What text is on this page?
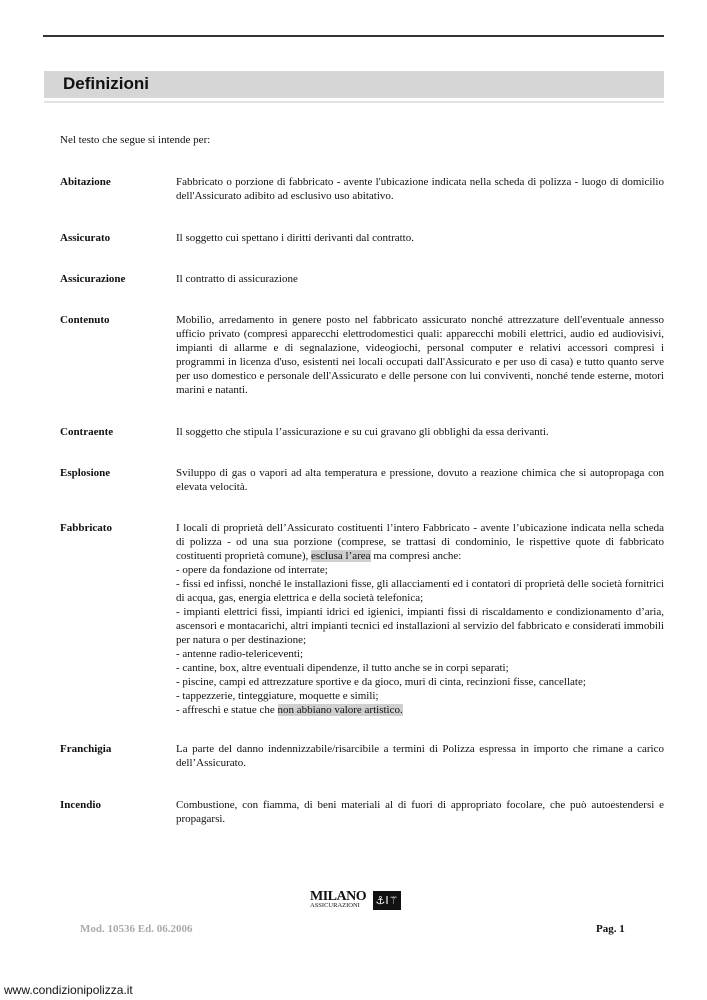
Definizioni
Nel testo che segue si intende per:
Abitazione	Fabbricato o porzione di fabbricato - avente l'ubicazione indicata nella scheda di polizza - luogo di domicilio dell'Assicurato adibito ad esclusivo uso abitativo.

Assicurato	Il soggetto cui spettano i diritti derivanti dal contratto.

Assicurazione	Il contratto di assicurazione

Contenuto	Mobilio, arredamento in genere posto nel fabbricato assicurato nonché attrezzature dell'eventuale annesso ufficio privato (compresi apparecchi elettrodomestici quali: apparecchi mobili elettrici, audio ed audiovisivi, impianti di allarme e di segnalazione, videogiochi, personal computer e relativi accessori compresi i programmi in licenza d'uso, esistenti nei locali occupati dall'Assicurato e per uso di casa) e tutto quanto serve per uso domestico e personale dell'Assicurato e delle persone con lui conviventi, nonché tende esterne, motori marini e natanti.

Contraente	Il soggetto che stipula l’assicurazione e su cui gravano gli obblighi da essa derivanti.

Esplosione	Sviluppo di gas o vapori ad alta temperatura e pressione, dovuto a reazione chimica che si autopropaga con elevata velocità.

Fabbricato	I locali di proprietà dell’Assicurato costituenti l’intero Fabbricato - avente l’ubicazione indicata nella scheda di polizza - od una sua porzione (comprese, se trattasi di condominio, le rispettive quote di fabbricato costituenti proprietà comune), esclusa l’area ma compresi anche:

- opere da fondazione od interrate;

- fissi ed infissi, nonché le installazioni fisse, gli allacciamenti ed i contatori di proprietà delle società fornitrici di acqua, gas, energia elettrica e della società telefonica;

- impianti elettrici fissi, impianti idrici ed igienici, impianti fissi di riscaldamento e condizionamento d’aria, ascensori e montacarichi, altri impianti tecnici ed installazioni al servizio del fabbricato e considerati immobili per natura o per destinazione;

- antenne radio-telericeventi;

- cantine, box, altre eventuali dipendenze, il tutto anche se in corpi separati;

- piscine, campi ed attrezzature sportive e da gioco, muri di cinta, recinzioni fisse, cancellate;

- tappezzerie, tinteggiature, moquette e simili;

- affreschi e statue che non abbiano valore artistico.

Franchigia	La parte del danno indennizzabile/risarcibile a termini di Polizza espressa in importo che rimane a carico dell’Assicurato.

Incendio	Combustione, con fiamma, di beni materiali al di fuori di appropriato focolare, che può autoestendersi e propagarsi.

MILANO
ASSICURAZIONI ⚓I⚚
Mod. 10536 Ed. 06.2006	Pag. 1
www.condizionipolizza.it
